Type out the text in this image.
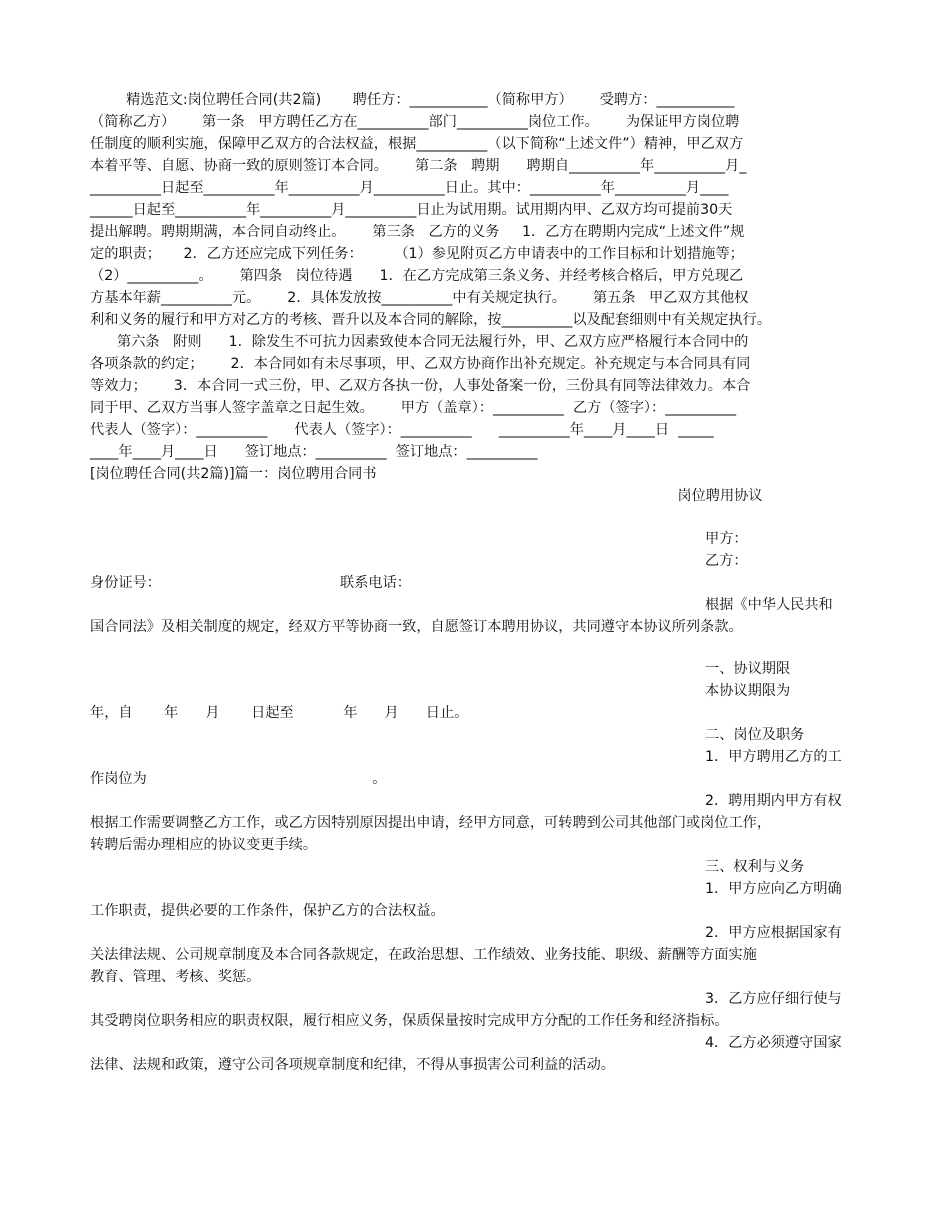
精选范文:岗位聘任合同(共2篇)       聘任方：___________（简称甲方）      受聘方：___________
（简称乙方）      第一条   甲方聘任乙方在__________部门__________岗位工作。      为保证甲方岗位聘
任制度的顺利实施，保障甲乙双方的合法权益，根据__________（以下简称“上述文件”）精神，甲乙双方
本着平等、自愿、协商一致的原则签订本合同。      第二条   聘期      聘期自__________年__________月_
__________日起至__________年__________月__________日止。其中：__________年__________月____
______日起至__________年__________月__________日止为试用期。试用期内甲、乙双方均可提前30天
提出解聘。聘期期满，本合同自动终止。      第三条   乙方的义务     1．乙方在聘期内完成“上述文件”规
定的职责；     2．乙方还应完成下列任务：       （1）参见附页乙方申请表中的工作目标和计划措施等；
（2）__________。      第四条   岗位待遇      1．在乙方完成第三条义务、并经考核合格后，甲方兑现乙
方基本年薪__________元。      2．具体发放按__________中有关规定执行。      第五条   甲乙双方其他权
利和义务的履行和甲方对乙方的考核、晋升以及本合同的解除，按__________以及配套细则中有关规定执行。
第六条   附则      1．除发生不可抗力因素致使本合同无法履行外，甲、乙双方应严格履行本合同中的
各项条款的约定；      2．本合同如有未尽事项，甲、乙双方协商作出补充规定。补充规定与本合同具有同
等效力；      3．本合同一式三份，甲、乙双方各执一份，人事处备案一份，三份具有同等法律效力。本合
同于甲、乙双方当事人签字盖章之日起生效。      甲方（盖章）：__________  乙方（签字）：__________
代表人（签字）：__________      代表人（签字）：__________      __________年____月____日  _____
____年____月____日      签订地点：__________  签订地点：__________
[岗位聘任合同(共2篇)]篇一：岗位聘用合同书
岗位聘用协议
甲方：
乙方：
身份证号：	联系电话：
根据《中华人民共和
国合同法》及相关制度的规定，经双方平等协商一致，自愿签订本聘用协议，共同遵守本协议所列条款。
一、协议期限
本协议期限为
年，自       年      月       日起至           年      月      日止。
二、岗位及职务
1．甲方聘用乙方的工
作岗位为                                                  。
2．聘用期内甲方有权
根据工作需要调整乙方工作，或乙方因特别原因提出申请，经甲方同意，可转聘到公司其他部门或岗位工作，
转聘后需办理相应的协议变更手续。
三、权利与义务
1．甲方应向乙方明确
工作职责，提供必要的工作条件，保护乙方的合法权益。
2．甲方应根据国家有
关法律法规、公司规章制度及本合同各款规定，在政治思想、工作绩效、业务技能、职级、薪酬等方面实施
教育、管理、考核、奖惩。
3．乙方应仔细行使与
其受聘岗位职务相应的职责权限，履行相应义务，保质保量按时完成甲方分配的工作任务和经济指标。
4．乙方必须遵守国家
法律、法规和政策，遵守公司各项规章制度和纪律，不得从事损害公司利益的活动。
